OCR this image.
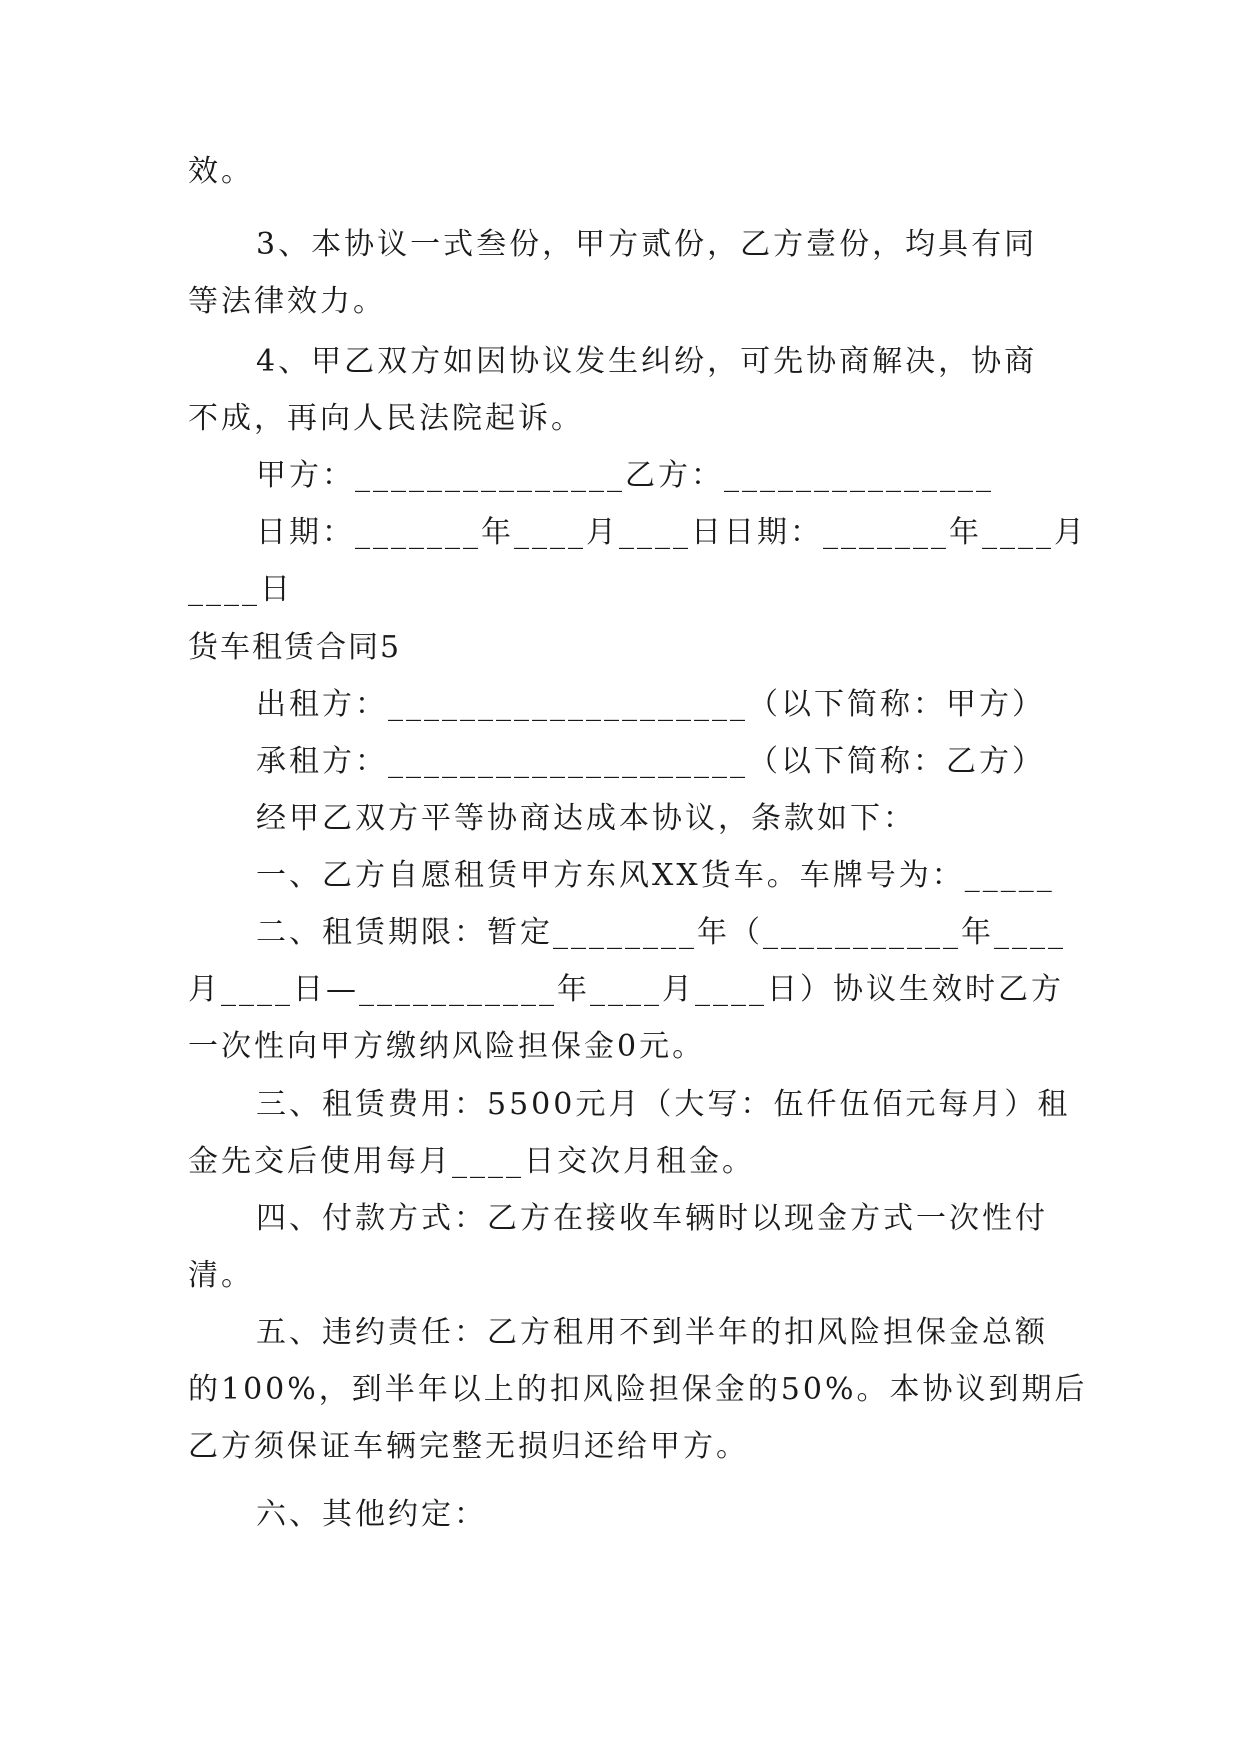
效。
3、本协议一式叁份，甲方贰份，乙方壹份，均具有同
等法律效力。
4、甲乙双方如因协议发生纠纷，可先协商解决，协商
不成，再向人民法院起诉。
甲方：_______________乙方：_______________
日期：_______年____月____日日期：_______年____月
____日
货车租赁合同5
出租方：____________________（以下简称：甲方）
承租方：____________________（以下简称：乙方）
经甲乙双方平等协商达成本协议，条款如下：
一、乙方自愿租赁甲方东风XX货车。车牌号为：_____
二、租赁期限：暂定________年（___________年____
月____日—___________年____月____日）协议生效时乙方
一次性向甲方缴纳风险担保金0元。
三、租赁费用：5500元月（大写：伍仟伍佰元每月）租
金先交后使用每月____日交次月租金。
四、付款方式：乙方在接收车辆时以现金方式一次性付
清。
五、违约责任：乙方租用不到半年的扣风险担保金总额
的100%，到半年以上的扣风险担保金的50%。本协议到期后
乙方须保证车辆完整无损归还给甲方。
六、其他约定：
